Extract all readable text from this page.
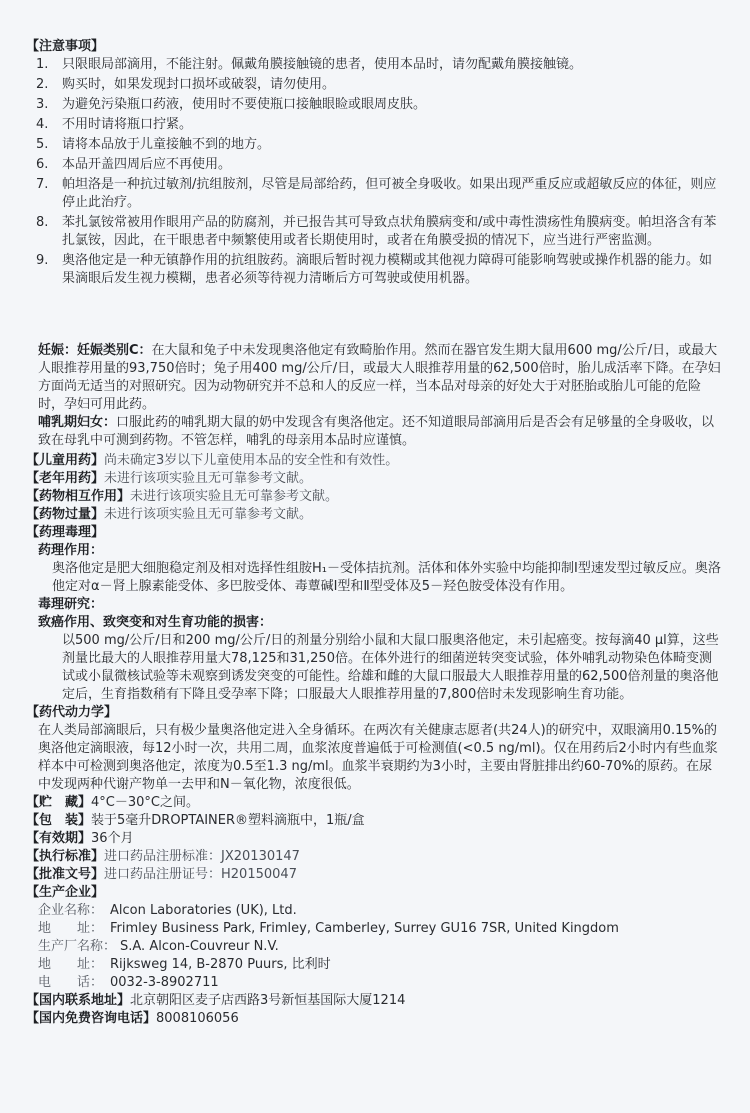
【注意事项】
1.	只限眼局部滴用，不能注射。佩戴角膜接触镜的患者，使用本品时，请勿配戴角膜接触镜。
2.	购买时，如果发现封口损坏或破裂，请勿使用。
3.	为避免污染瓶口药液，使用时不要使瓶口接触眼睑或眼周皮肤。
4.	不用时请将瓶口拧紧。
5.	请将本品放于儿童接触不到的地方。
6.	本品开盖四周后应不再使用。
7.	帕坦洛是一种抗过敏剂/抗组胺剂，尽管是局部给药，但可被全身吸收。如果出现严重反应或超敏反应的体征，则应停止此治疗。
8.	苯扎氯铵常被用作眼用产品的防腐剂，并已报告其可导致点状角膜病变和/或中毒性溃疡性角膜病变。帕坦洛含有苯扎氯铵，因此，在干眼患者中频繁使用或者长期使用时，或者在角膜受损的情况下，应当进行严密监测。
9.	奥洛他定是一种无镇静作用的抗组胺药。滴眼后暂时视力模糊或其他视力障碍可能影响驾驶或操作机器的能力。如果滴眼后发生视力模糊，患者必须等待视力清晰后方可驾驶或使用机器。

妊娠：妊娠类别C：在大鼠和兔子中未发现奥洛他定有致畸胎作用。然而在器官发生期大鼠用600 mg/公斤/日，或最大人眼推荐用量的93,750倍时；兔子用400 mg/公斤/日，或最大人眼推荐用量的62,500倍时，胎儿成活率下降。在孕妇方面尚无适当的对照研究。因为动物研究并不总和人的反应一样，当本品对母亲的好处大于对胚胎或胎儿可能的危险时，孕妇可用此药。

哺乳期妇女：口服此药的哺乳期大鼠的奶中发现含有奥洛他定。还不知道眼局部滴用后是否会有足够量的全身吸收，以致在母乳中可测到药物。不管怎样，哺乳的母亲用本品时应谨慎。

【儿童用药】尚未确定3岁以下儿童使用本品的安全性和有效性。
【老年用药】未进行该项实验且无可靠参考文献。
【药物相互作用】未进行该项实验且无可靠参考文献。
【药物过量】未进行该项实验且无可靠参考文献。
【药理毒理】
药理作用：

奥洛他定是肥大细胞稳定剂及相对选择性组胺H₁－受体拮抗剂。活体和体外实验中均能抑制Ⅰ型速发型过敏反应。奥洛他定对α－肾上腺素能受体、多巴胺受体、毒蕈碱Ⅰ型和Ⅱ型受体及5－羟色胺受体没有作用。

毒理研究：
致癌作用、致突变和对生育功能的损害：

以500 mg/公斤/日和200 mg/公斤/日的剂量分别给小鼠和大鼠口服奥洛他定，未引起癌变。按每滴40 µl算，这些剂量比最大的人眼推荐用量大78,125和31,250倍。在体外进行的细菌逆转突变试验，体外哺乳动物染色体畸变测试或小鼠微核试验等未观察到诱发突变的可能性。给雄和雌的大鼠口服最大人眼推荐用量的62,500倍剂量的奥洛他定后，生育指数稍有下降且受孕率下降；口服最大人眼推荐用量的7,800倍时未发现影响生育功能。

【药代动力学】

在人类局部滴眼后，只有极少量奥洛他定进入全身循环。在两次有关健康志愿者(共24人)的研究中，双眼滴用0.15%的奥洛他定滴眼液，每12小时一次，共用二周，血浆浓度普遍低于可检测值(<0.5 ng/ml)。仅在用药后2小时内有些血浆样本中可检测到奥洛他定，浓度为0.5至1.3 ng/ml。血浆半衰期约为3小时，主要由肾脏排出约60-70%的原药。在尿中发现两种代谢产物单一去甲和N－氧化物，浓度很低。

【贮　藏】4°C－30°C之间。
【包　装】装于5毫升DROPTAINER®塑料滴瓶中，1瓶/盒
【有效期】36个月
【执行标准】进口药品注册标准：JX20130147
【批准文号】进口药品注册证号：H20150047
【生产企业】
企业名称： Alcon Laboratories (UK), Ltd.
地　　址： Frimley Business Park, Frimley, Camberley, Surrey GU16 7SR, United Kingdom
生产厂名称： S.A. Alcon-Couvreur N.V.
地　　址： Rijksweg 14, B-2870 Puurs, 比利时
电　　话： 0032-3-8902711
【国内联系地址】北京朝阳区麦子店西路3号新恒基国际大厦1214
【国内免费咨询电话】8008106056
